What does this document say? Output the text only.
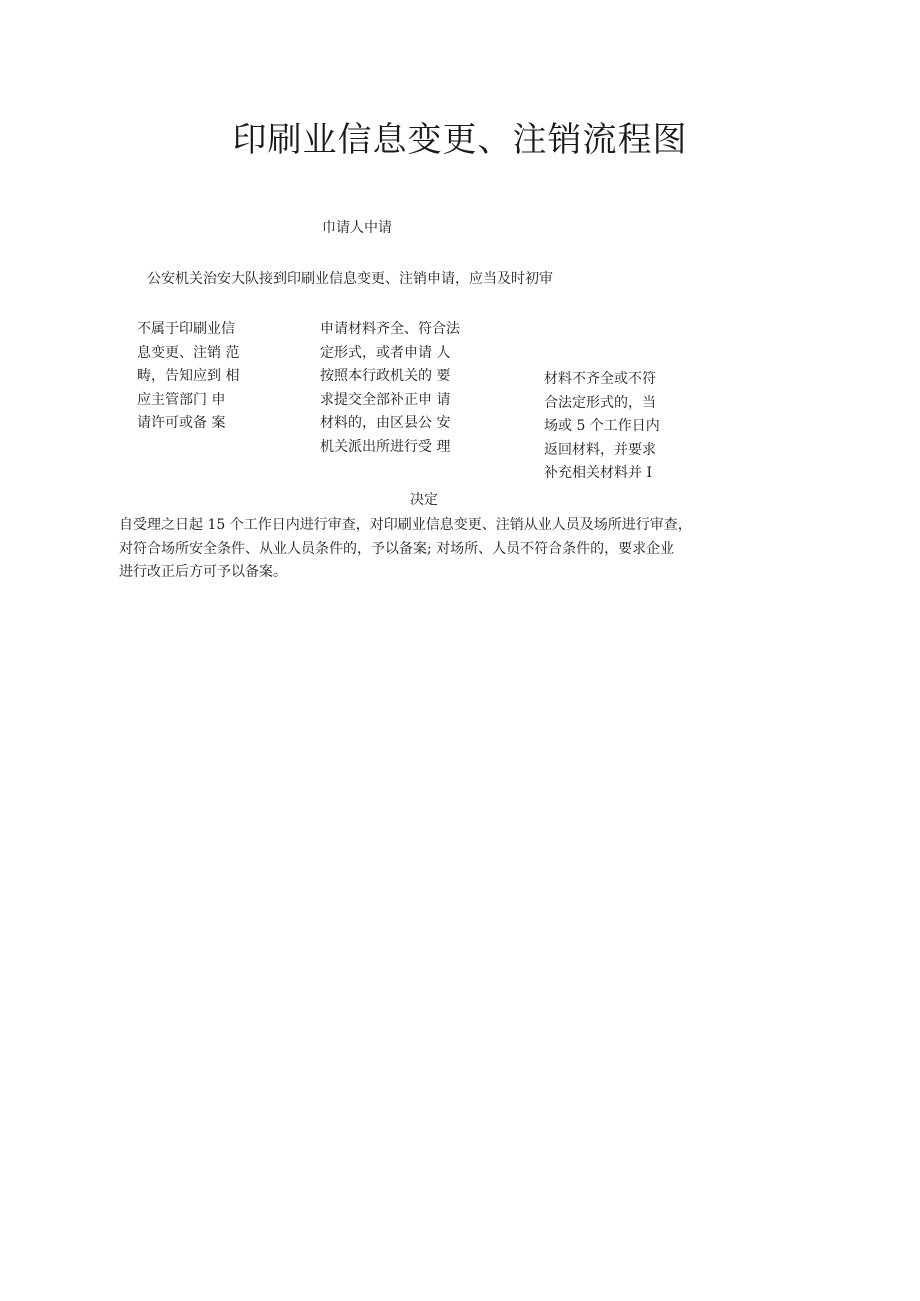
印刷业信息变更、注销流程图
巾请人中请
公安机关治安大队接到印刷业信息变更、注销申请，应当及时初审
不属于印刷业信
息变更、注销 范
畴，告知应到 相
应主管部门 申
请许可或备 案
申请材料齐全、符合法
定形式，或者申请 人
按照本行政机关的 要
求提交全部补正申 请
材料的，由区县公 安
机关派出所进行受 理
材料不齐全或不符
合法定形式的，当
场或 5 个工作日内
返回材料，并要求
补充相关材料并 I
决定
自受理之日起 15 个工作日内进行审查，对印刷业信息变更、注销从业人员及场所进行审查，
对符合场所安全条件、从业人员条件的，予以备案; 对场所、人员不符合条件的，要求企业
进行改正后方可予以备案。
